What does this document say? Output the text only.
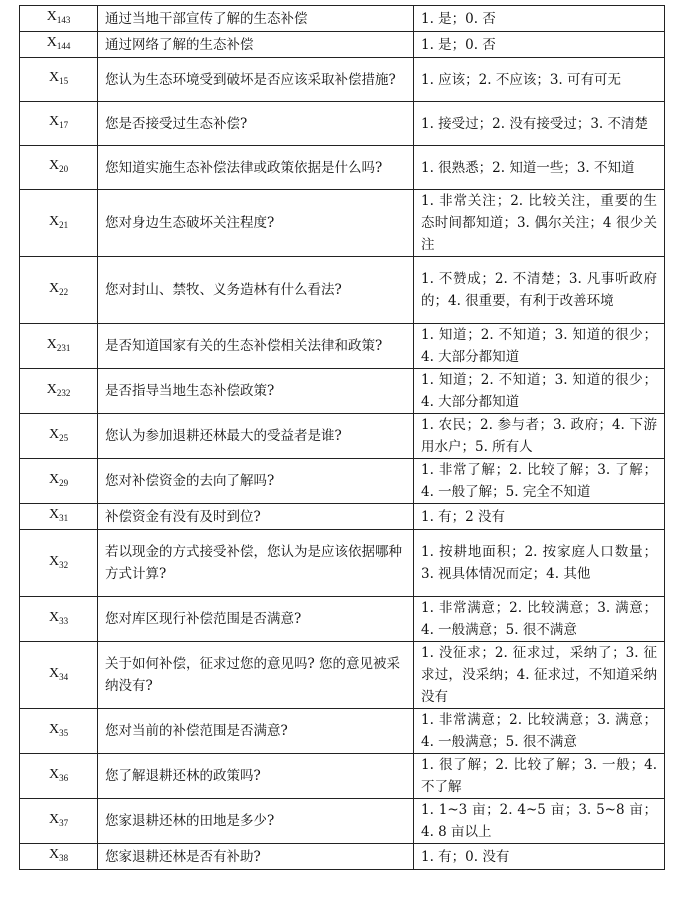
$X_{143}$	通过当地干部宣传了解的生态补偿	1. 是；0. 否
$X_{144}$	通过网络了解的生态补偿	1. 是；0. 否
$X_{15}$	您认为生态环境受到破坏是否应该采取补偿措施?	1. 应该；2. 不应该；3. 可有可无
$X_{17}$	您是否接受过生态补偿?	1. 接受过；2. 没有接受过；3. 不清楚
$X_{20}$	您知道实施生态补偿法律或政策依据是什么吗?	1. 很熟悉；2. 知道一些；3. 不知道
$X_{21}$	您对身边生态破坏关注程度?	1. 非常关注；2. 比较关注，重要的生态时间都知道；3. 偶尔关注；4 很少关注
$X_{22}$	您对封山、禁牧、义务造林有什么看法?	1. 不赞成；2. 不清楚；3. 凡事听政府的；4. 很重要，有利于改善环境
$X_{231}$	是否知道国家有关的生态补偿相关法律和政策?	1. 知道；2. 不知道；3. 知道的很少；4. 大部分都知道
$X_{232}$	是否指导当地生态补偿政策?	1. 知道；2. 不知道；3. 知道的很少；4. 大部分都知道
$X_{25}$	您认为参加退耕还林最大的受益者是谁?	1. 农民；2. 参与者；3. 政府；4. 下游用水户；5. 所有人
$X_{29}$	您对补偿资金的去向了解吗?	1. 非常了解；2. 比较了解；3. 了解；4. 一般了解；5. 完全不知道
$X_{31}$	补偿资金有没有及时到位?	1. 有；2 没有
$X_{32}$	若以现金的方式接受补偿，您认为是应该依据哪种方式计算?	1. 按耕地面积；2. 按家庭人口数量；3. 视具体情况而定；4. 其他
$X_{33}$	您对库区现行补偿范围是否满意?	1. 非常满意；2. 比较满意；3. 满意；4. 一般满意；5. 很不满意
$X_{34}$	关于如何补偿，征求过您的意见吗? 您的意见被采纳没有?	1. 没征求；2. 征求过，采纳了；3. 征求过，没采纳；4. 征求过，不知道采纳没有
$X_{35}$	您对当前的补偿范围是否满意?	1. 非常满意；2. 比较满意；3. 满意；4. 一般满意；5. 很不满意
$X_{36}$	您了解退耕还林的政策吗?	1. 很了解；2. 比较了解；3. 一般；4. 不了解
$X_{37}$	您家退耕还林的田地是多少?	1. 1~3 亩；2. 4~5 亩；3. 5~8 亩；4. 8 亩以上
$X_{38}$	您家退耕还林是否有补助?	1. 有；0. 没有
